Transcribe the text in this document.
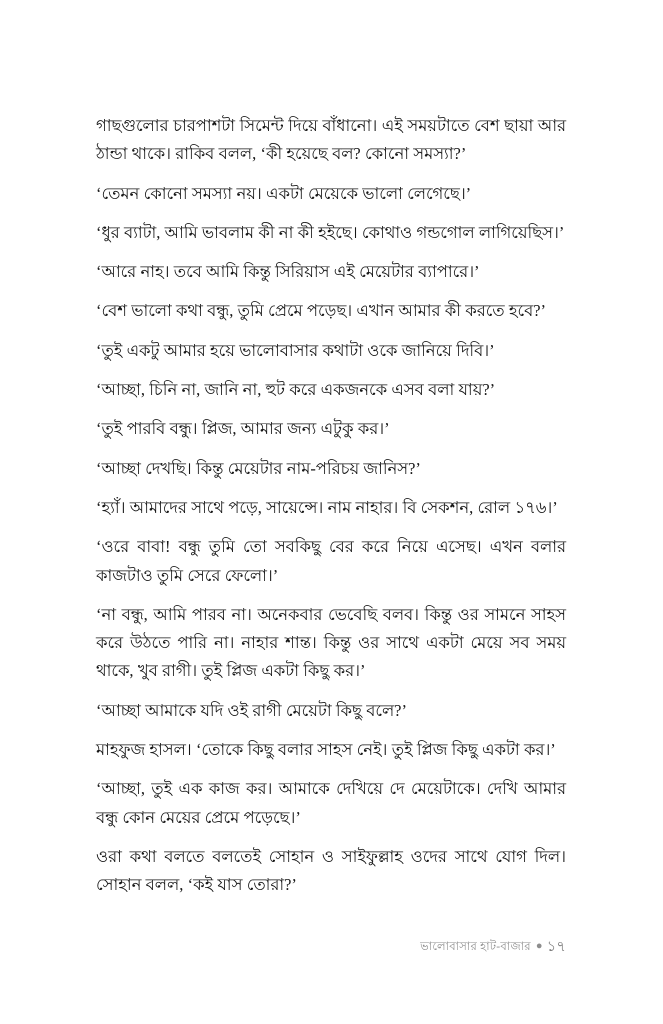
গাছগুলোর চারপাশটা সিমেন্ট দিয়ে বাঁধানো। এই সময়টাতে বেশ ছায়া আর ঠান্ডা থাকে। রাকিব বলল, ‘কী হয়েছে বল? কোনো সমস্যা?’

‘তেমন কোনো সমস্যা নয়। একটা মেয়েকে ভালো লেগেছে।’

‘ধুর ব্যাটা, আমি ভাবলাম কী না কী হইছে। কোথাও গন্ডগোল লাগিয়েছিস।’

‘আরে নাহ। তবে আমি কিন্তু সিরিয়াস এই মেয়েটার ব্যাপারে।’

‘বেশ ভালো কথা বন্ধু, তুমি প্রেমে পড়েছ। এখান আমার কী করতে হবে?’

‘তুই একটু আমার হয়ে ভালোবাসার কথাটা ওকে জানিয়ে দিবি।’

‘আচ্ছা, চিনি না, জানি না, হুট করে একজনকে এসব বলা যায়?’

‘তুই পারবি বন্ধু। প্লিজ, আমার জন্য এটুকু কর।’

‘আচ্ছা দেখছি। কিন্তু মেয়েটার নাম-পরিচয় জানিস?’

‘হ্যাঁ। আমাদের সাথে পড়ে, সায়েন্সে। নাম নাহার। বি সেকশন, রোল ১৭৬।’

‘ওরে বাবা! বন্ধু তুমি তো সবকিছু বের করে নিয়ে এসেছ। এখন বলার কাজটাও তুমি সেরে ফেলো।’

‘না বন্ধু, আমি পারব না। অনেকবার ভেবেছি বলব। কিন্তু ওর সামনে সাহস করে উঠতে পারি না। নাহার শান্ত। কিন্তু ওর সাথে একটা মেয়ে সব সময় থাকে, খুব রাগী। তুই প্লিজ একটা কিছু কর।’

‘আচ্ছা আমাকে যদি ওই রাগী মেয়েটা কিছু বলে?’

মাহফুজ হাসল। ‘তোকে কিছু বলার সাহস নেই। তুই প্লিজ কিছু একটা কর।’

‘আচ্ছা, তুই এক কাজ কর। আমাকে দেখিয়ে দে মেয়েটাকে। দেখি আমার বন্ধু কোন মেয়ের প্রেমে পড়েছে।’

ওরা কথা বলতে বলতেই সোহান ও সাইফুল্লাহ ওদের সাথে যোগ দিল। সোহান বলল, ‘কই যাস তোরা?’

ভালোবাসার হাট-বাজার ● ১৭
